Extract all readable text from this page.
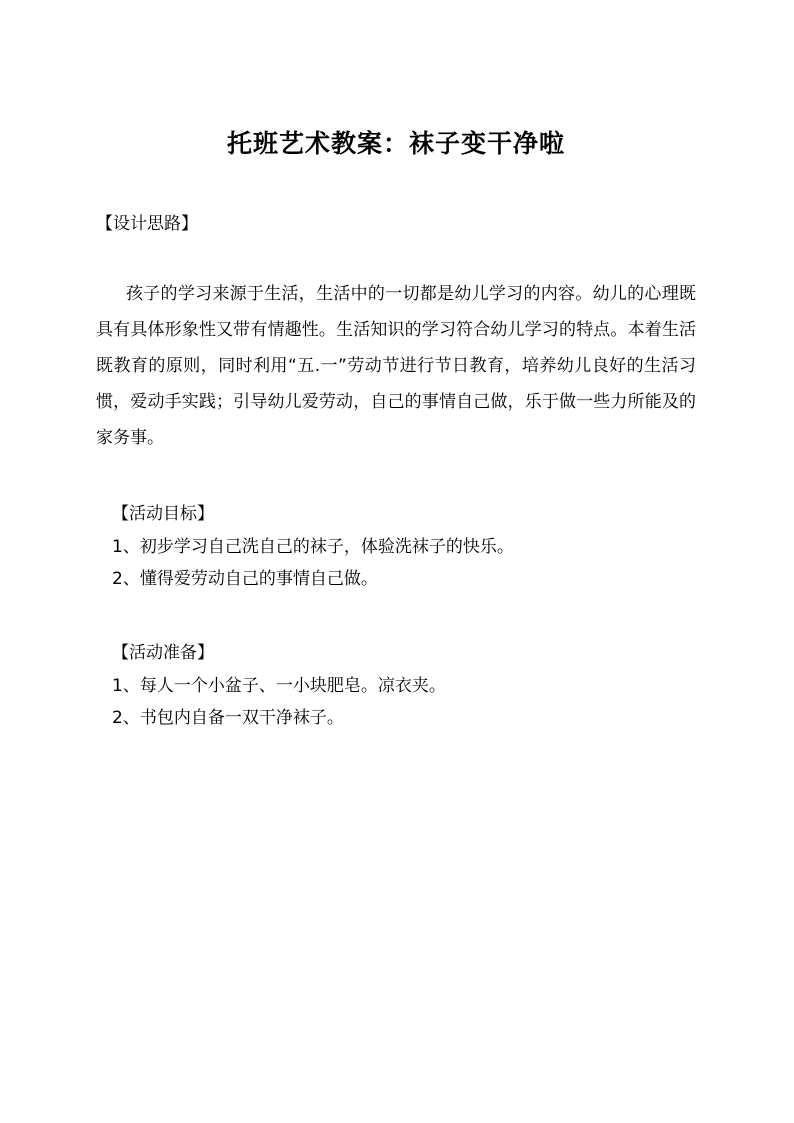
托班艺术教案：袜子变干净啦

【设计思路】

孩子的学习来源于生活，生活中的一切都是幼儿学习的内容。幼儿的心理既具有具体形象性又带有情趣性。生活知识的学习符合幼儿学习的特点。本着生活既教育的原则，同时利用“五.一”劳动节进行节日教育，培养幼儿良好的生活习惯，爱动手实践；引导幼儿爱劳动，自己的事情自己做，乐于做一些力所能及的家务事。

【活动目标】

1、初步学习自己洗自己的袜子，体验洗袜子的快乐。

2、懂得爱劳动自己的事情自己做。

【活动准备】

1、每人一个小盆子、一小块肥皂。凉衣夹。

2、书包内自备一双干净袜子。
